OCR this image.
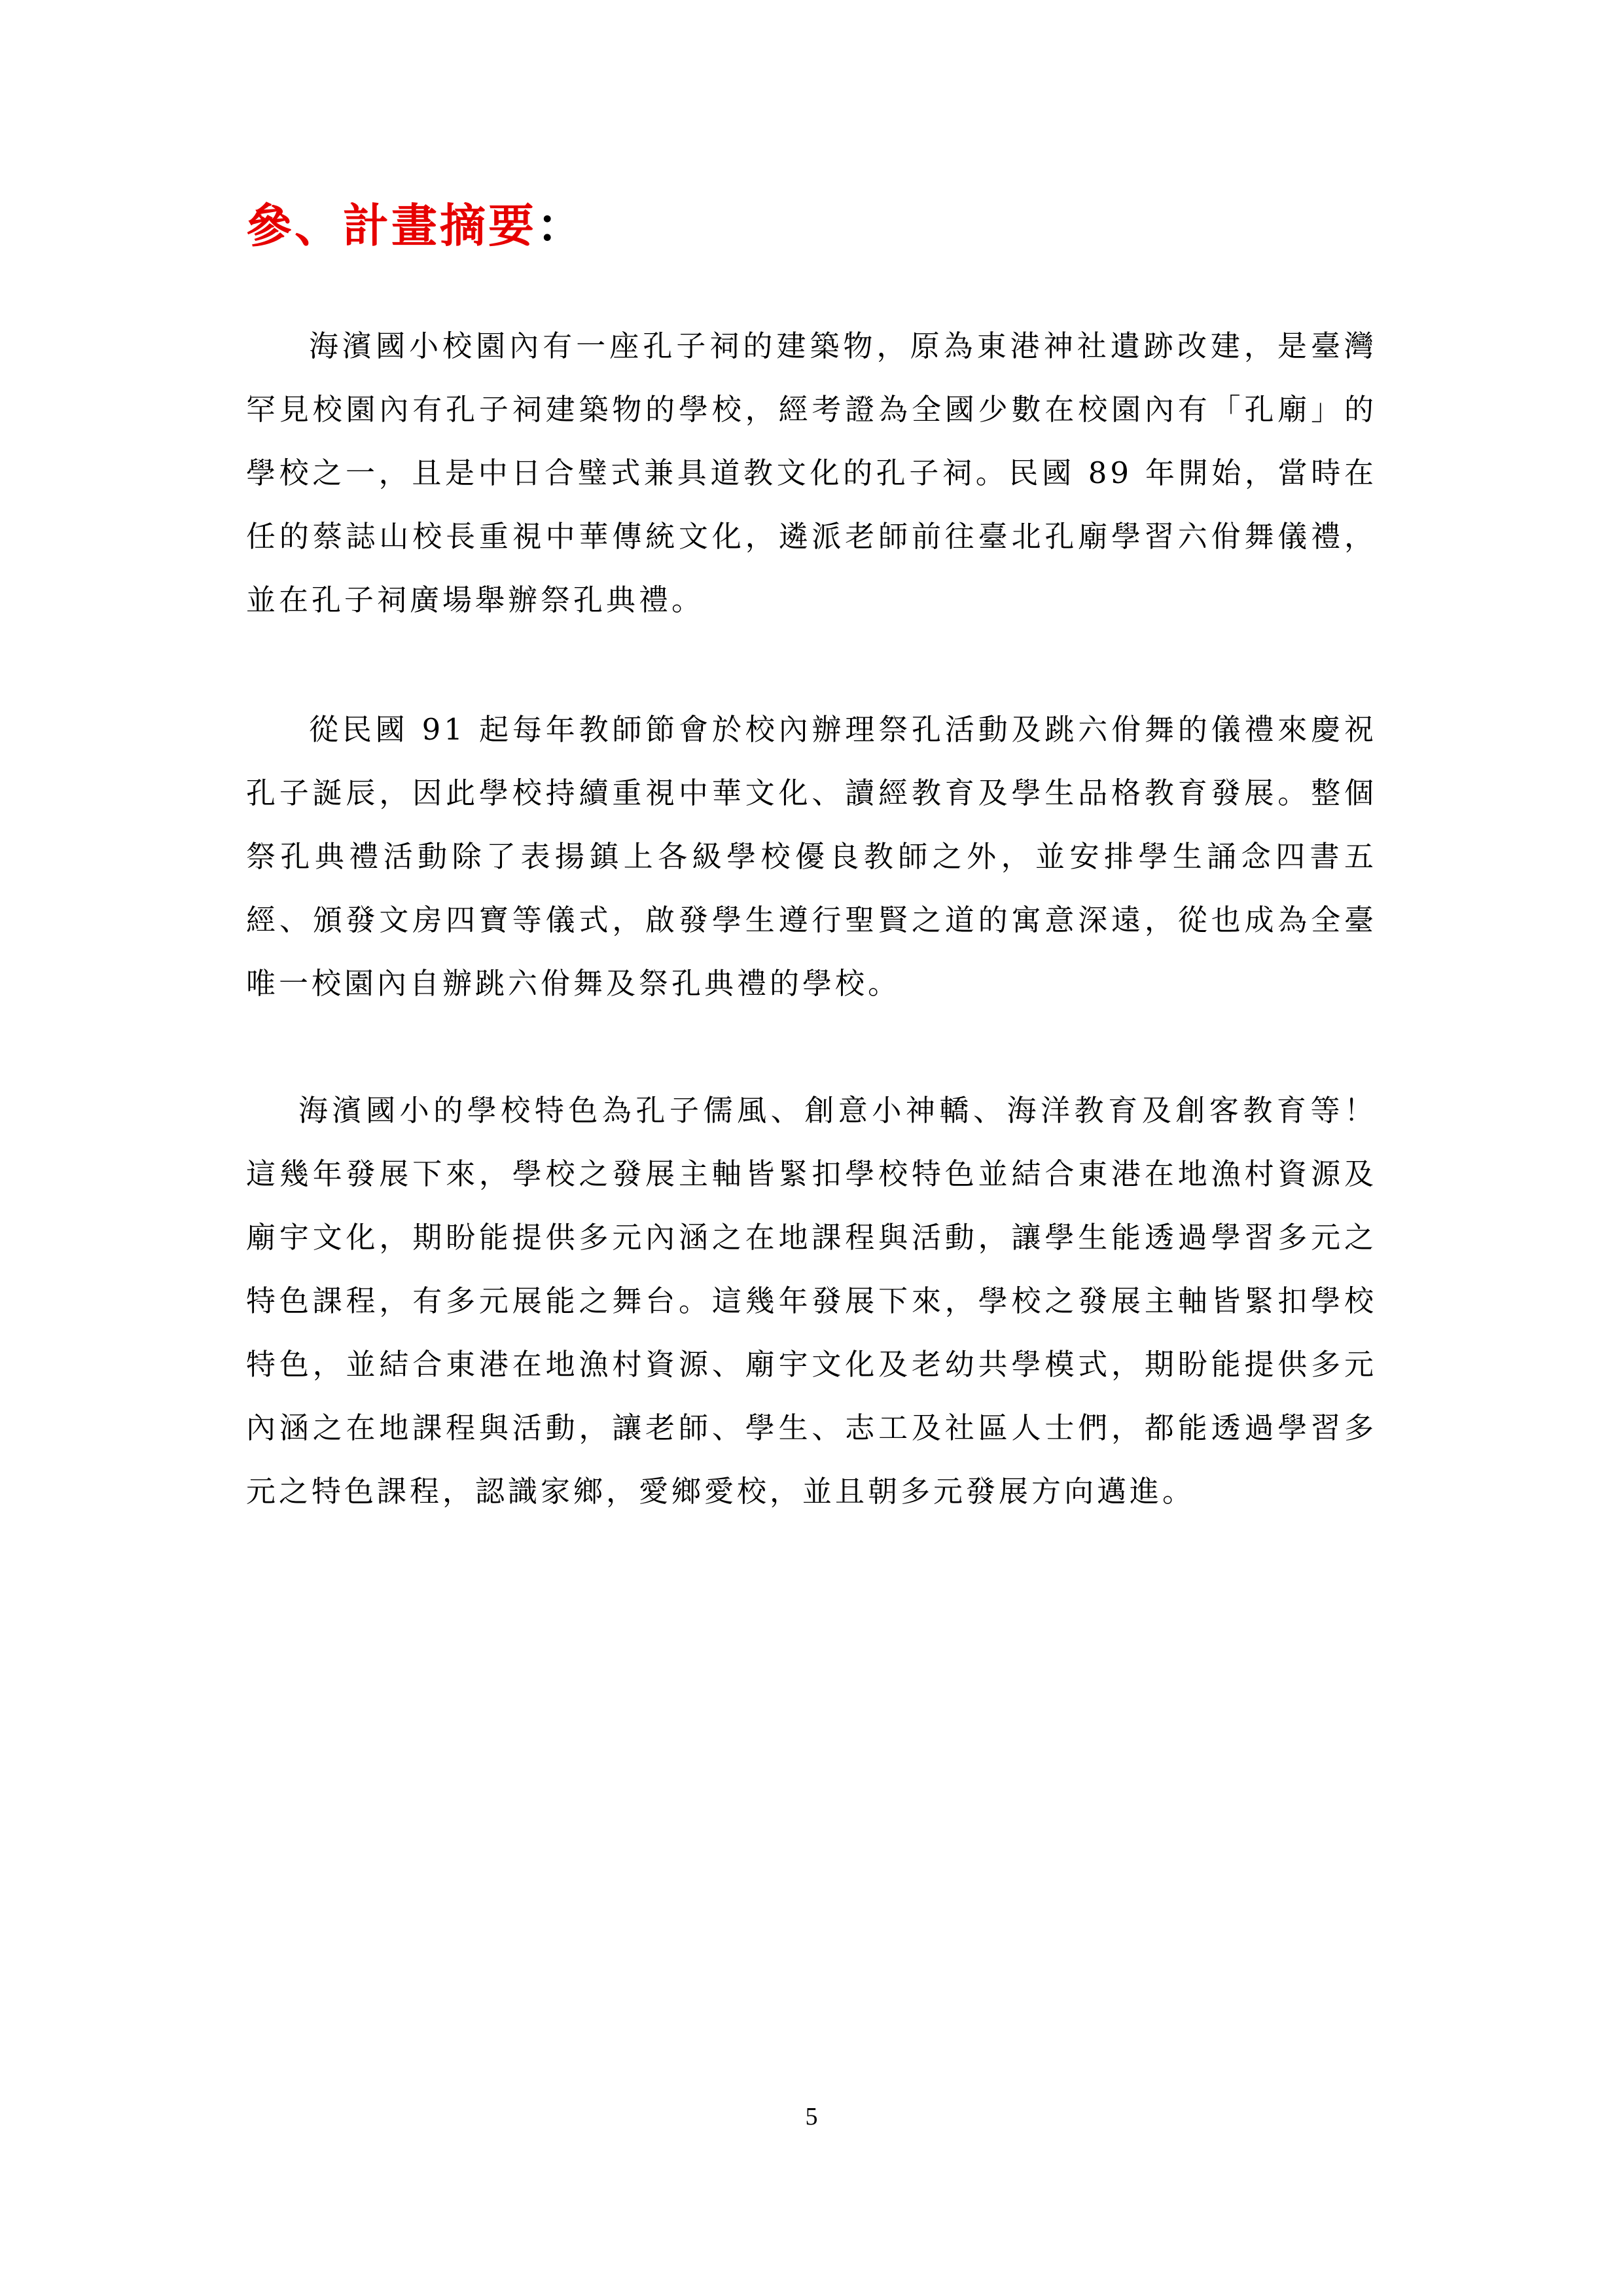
參、計畫摘要：

海濱國小校園內有一座孔子祠的建築物，原為東港神社遺跡改建，是臺灣罕見校園內有孔子祠建築物的學校，經考證為全國少數在校園內有「孔廟」的學校之一，且是中日合璧式兼具道教文化的孔子祠。民國 89 年開始，當時在任的蔡誌山校長重視中華傳統文化，遴派老師前往臺北孔廟學習六佾舞儀禮，並在孔子祠廣場舉辦祭孔典禮。

從民國 91 起每年教師節會於校內辦理祭孔活動及跳六佾舞的儀禮來慶祝孔子誕辰，因此學校持續重視中華文化、讀經教育及學生品格教育發展。整個祭孔典禮活動除了表揚鎮上各級學校優良教師之外，並安排學生誦念四書五經、頒發文房四寶等儀式，啟發學生遵行聖賢之道的寓意深遠，從也成為全臺唯一校園內自辦跳六佾舞及祭孔典禮的學校。

海濱國小的學校特色為孔子儒風、創意小神轎、海洋教育及創客教育等！這幾年發展下來，學校之發展主軸皆緊扣學校特色並結合東港在地漁村資源及廟宇文化，期盼能提供多元內涵之在地課程與活動，讓學生能透過學習多元之特色課程，有多元展能之舞台。這幾年發展下來，學校之發展主軸皆緊扣學校特色，並結合東港在地漁村資源、廟宇文化及老幼共學模式，期盼能提供多元內涵之在地課程與活動，讓老師、學生、志工及社區人士們，都能透過學習多元之特色課程，認識家鄉，愛鄉愛校，並且朝多元發展方向邁進。

5
